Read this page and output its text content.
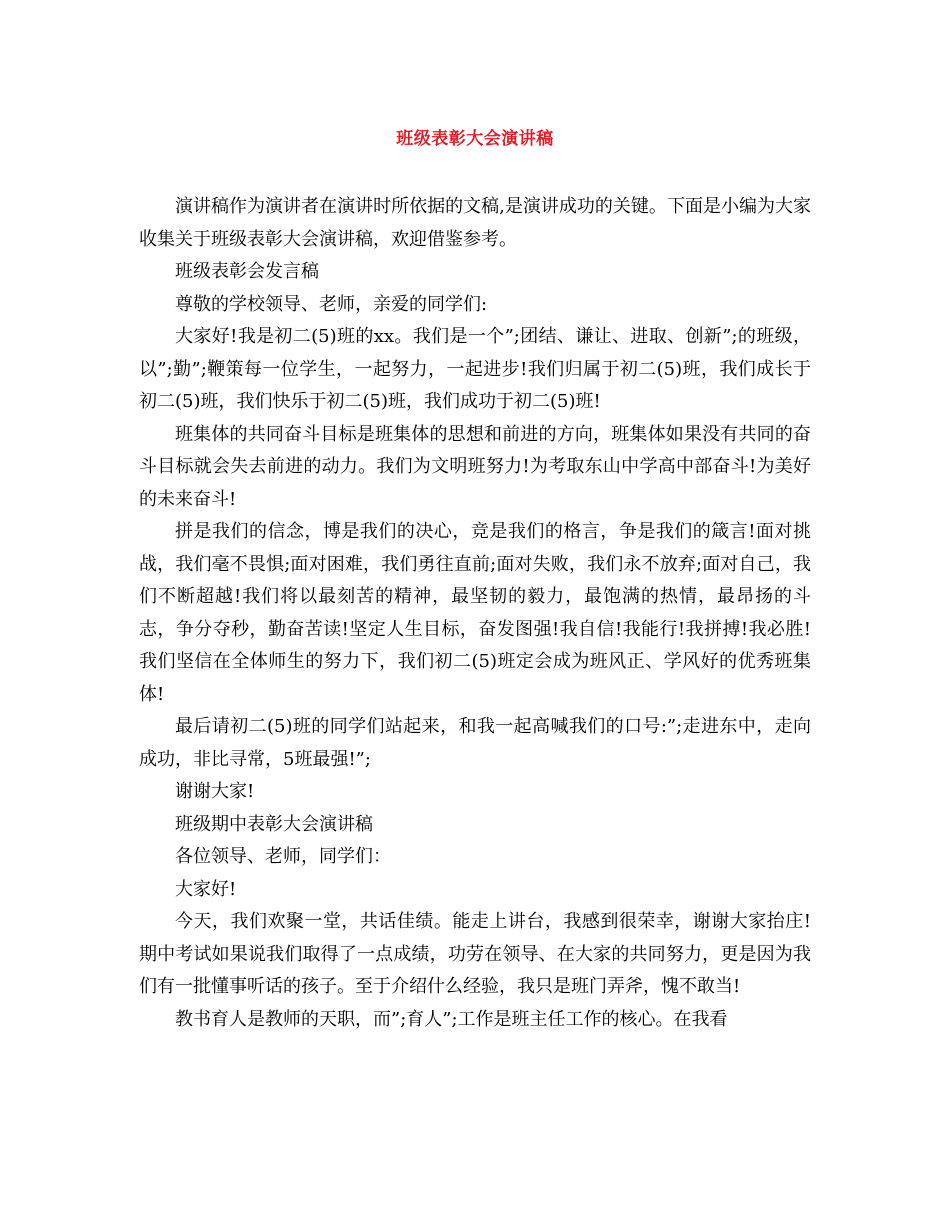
班级表彰大会演讲稿

演讲稿作为演讲者在演讲时所依据的文稿,是演讲成功的关键。下面是小编为大家收集关于班级表彰大会演讲稿，欢迎借鉴参考。

班级表彰会发言稿

尊敬的学校领导、老师，亲爱的同学们:

大家好!我是初二(5)班的xx。我们是一个”;团结、谦让、进取、创新”;的班级，以”;勤”;鞭策每一位学生，一起努力，一起进步!我们归属于初二(5)班，我们成长于初二(5)班，我们快乐于初二(5)班，我们成功于初二(5)班!

班集体的共同奋斗目标是班集体的思想和前进的方向，班集体如果没有共同的奋斗目标就会失去前进的动力。我们为文明班努力!为考取东山中学高中部奋斗!为美好的未来奋斗!

拼是我们的信念，博是我们的决心，竞是我们的格言，争是我们的箴言!面对挑战，我们毫不畏惧;面对困难，我们勇往直前;面对失败，我们永不放弃;面对自己，我们不断超越!我们将以最刻苦的精神，最坚韧的毅力，最饱满的热情，最昂扬的斗志，争分夺秒，勤奋苦读!坚定人生目标，奋发图强!我自信!我能行!我拼搏!我必胜!我们坚信在全体师生的努力下，我们初二(5)班定会成为班风正、学风好的优秀班集体!

最后请初二(5)班的同学们站起来，和我一起高喊我们的口号:”;走进东中，走向成功，非比寻常，5班最强!”;

谢谢大家!

班级期中表彰大会演讲稿

各位领导、老师，同学们：

大家好!

今天，我们欢聚一堂，共话佳绩。能走上讲台，我感到很荣幸，谢谢大家抬庄!期中考试如果说我们取得了一点成绩，功劳在领导、在大家的共同努力，更是因为我们有一批懂事听话的孩子。至于介绍什么经验，我只是班门弄斧，愧不敢当!

教书育人是教师的天职，而”;育人”;工作是班主任工作的核心。在我看
